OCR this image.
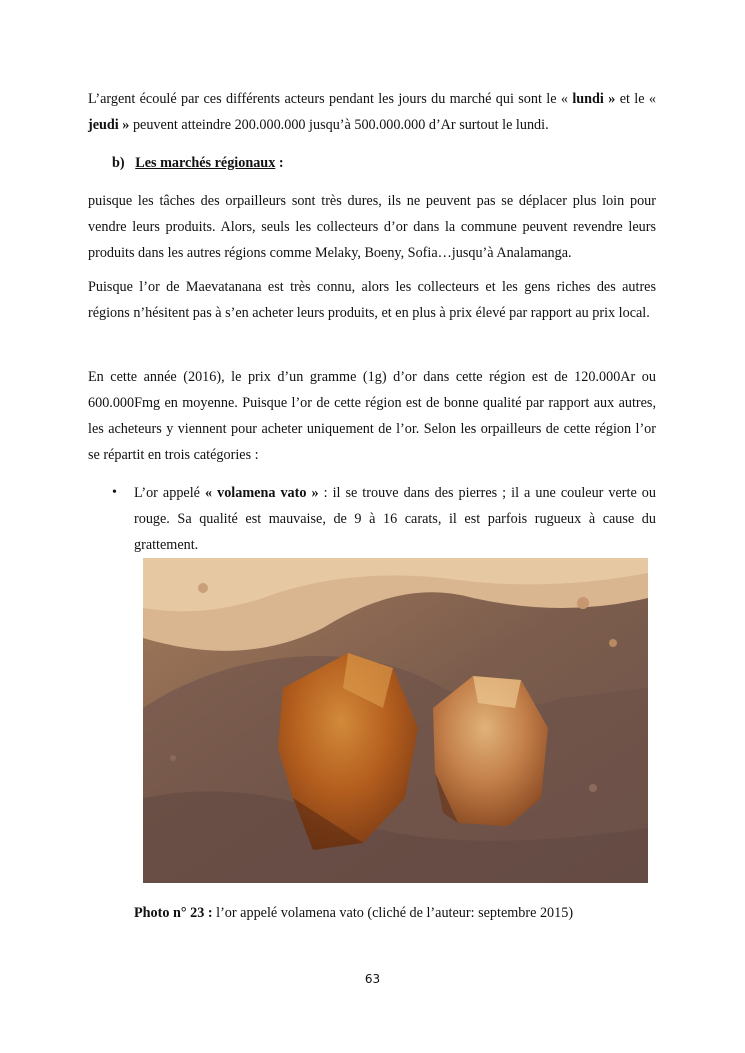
L’argent écoulé par ces différents acteurs pendant les jours du marché qui sont le « lundi » et le « jeudi » peuvent atteindre 200.000.000 jusqu’à 500.000.000 d’Ar surtout le lundi.

b) Les marchés régionaux :

puisque les tâches des orpailleurs sont très dures, ils ne peuvent pas se déplacer plus loin pour vendre leurs produits. Alors, seuls les collecteurs d’or dans la commune peuvent revendre leurs produits dans les autres régions comme Melaky, Boeny, Sofia…jusqu’à Analamanga.

Puisque l’or de Maevatanana est très connu, alors les collecteurs et les gens riches des autres régions n’hésitent pas à s’en acheter leurs produits, et en plus à prix élevé par rapport au prix local.

En cette année (2016), le prix d’un gramme (1g) d’or dans cette région est de 120.000Ar ou 600.000Fmg en moyenne. Puisque l’or de cette région est de bonne qualité par rapport aux autres, les acheteurs y viennent pour acheter uniquement de l’or. Selon les orpailleurs de cette région l’or se répartit en trois catégories :

• L’or appelé « volamena vato » : il se trouve dans des pierres ; il a une couleur verte ou rouge. Sa qualité est mauvaise, de 9 à 16 carats, il est parfois rugueux à cause du grattement.

Photo n° 23 : l’or appelé volamena vato (cliché de l’auteur: septembre 2015)

63
